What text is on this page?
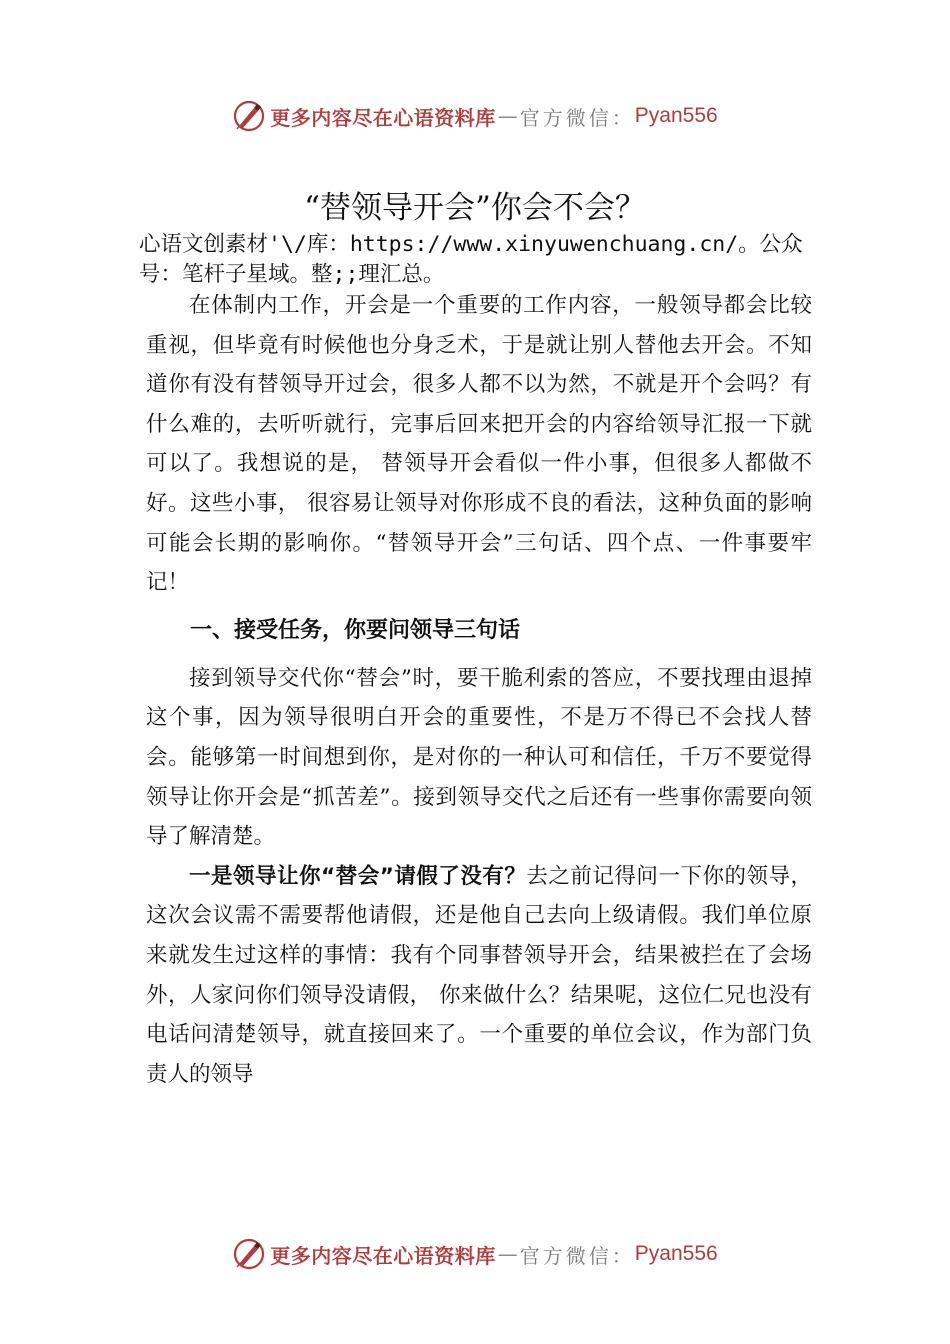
更多内容尽在心语资料库 — 官方微信： Pyan556
“替领导开会”你会不会？
心语文创素材'\/库：https://www.xinyuwenchuang.cn/。公众号：笔杆子星域。整;;理汇总。

在体制内工作，开会是一个重要的工作内容，一般领导都会比较重视，但毕竟有时候他也分身乏术，于是就让别人替他去开会。不知道你有没有替领导开过会，很多人都不以为然，不就是开个会吗？有什么难的，去听听就行，完事后回来把开会的内容给领导汇报一下就可以了。我想说的是， 替领导开会看似一件小事，但很多人都做不好。这些小事， 很容易让领导对你形成不良的看法，这种负面的影响可能会长期的影响你。“替领导开会”三句话、四个点、一件事要牢记！

一、接受任务，你要问领导三句话

接到领导交代你“替会”时，要干脆利索的答应，不要找理由退掉这个事，因为领导很明白开会的重要性，不是万不得已不会找人替会。能够第一时间想到你，是对你的一种认可和信任，千万不要觉得领导让你开会是“抓苦差”。接到领导交代之后还有一些事你需要向领导了解清楚。

一是领导让你“替会”请假了没有？去之前记得问一下你的领导，这次会议需不需要帮他请假，还是他自己去向上级请假。我们单位原来就发生过这样的事情：我有个同事替领导开会，结果被拦在了会场外，人家问你们领导没请假， 你来做什么？结果呢，这位仁兄也没有电话问清楚领导，就直接回来了。一个重要的单位会议，作为部门负责人的领导

更多内容尽在心语资料库 — 官方微信： Pyan556
